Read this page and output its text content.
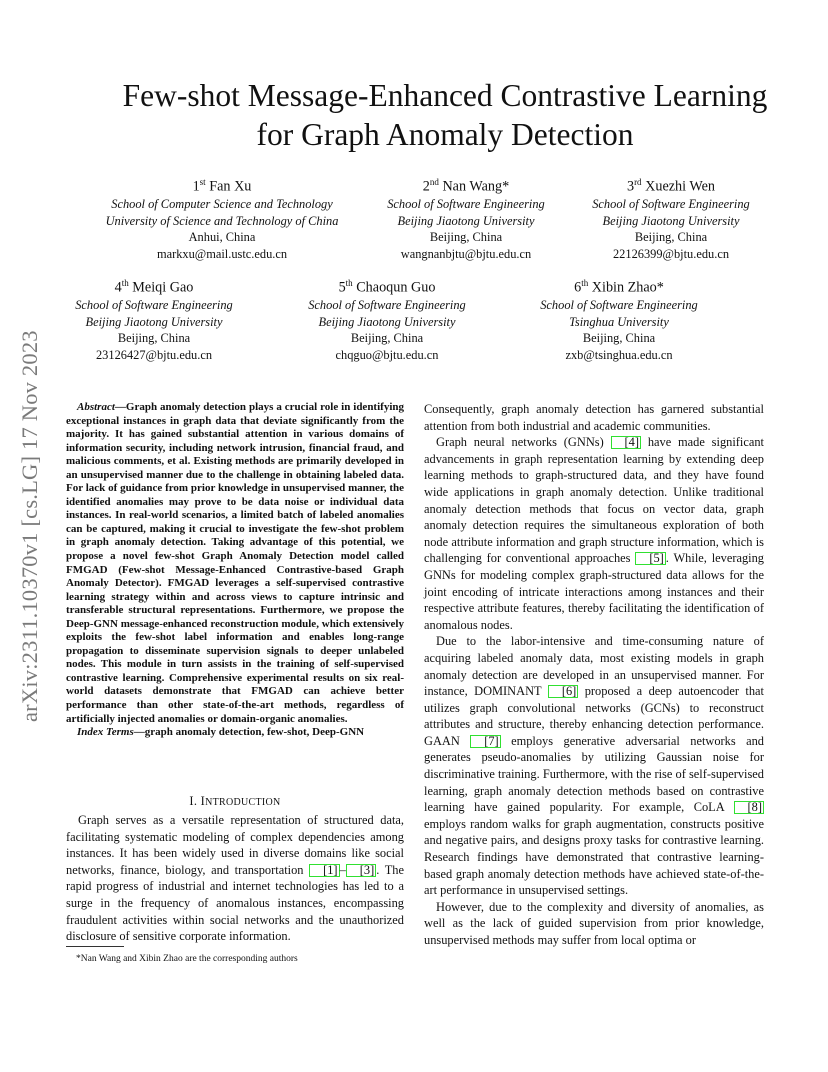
arXiv:2311.10370v1 [cs.LG] 17 Nov 2023
Few-shot Message-Enhanced Contrastive Learning
for Graph Anomaly Detection
1st Fan Xu
School of Computer Science and Technology
University of Science and Technology of China
Anhui, China
markxu@mail.ustc.edu.cn
2nd Nan Wang*
School of Software Engineering
Beijing Jiaotong University
Beijing, China
wangnanbjtu@bjtu.edu.cn
3rd Xuezhi Wen
School of Software Engineering
Beijing Jiaotong University
Beijing, China
22126399@bjtu.edu.cn
4th Meiqi Gao
School of Software Engineering
Beijing Jiaotong University
Beijing, China
23126427@bjtu.edu.cn
5th Chaoqun Guo
School of Software Engineering
Beijing Jiaotong University
Beijing, China
chqguo@bjtu.edu.cn
6th Xibin Zhao*
School of Software Engineering
Tsinghua University
Beijing, China
zxb@tsinghua.edu.cn
Abstract—Graph anomaly detection plays a crucial role in identifying exceptional instances in graph data that deviate significantly from the majority. It has gained substantial attention in various domains of information security, including network intrusion, financial fraud, and malicious comments, et al. Existing methods are primarily developed in an unsupervised manner due to the challenge in obtaining labeled data. For lack of guidance from prior knowledge in unsupervised manner, the identified anomalies may prove to be data noise or individual data instances. In real-world scenarios, a limited batch of labeled anomalies can be captured, making it crucial to investigate the few-shot problem in graph anomaly detection. Taking advantage of this potential, we propose a novel few-shot Graph Anomaly Detection model called FMGAD (Few-shot Message-Enhanced Contrastive-based Graph Anomaly Detector). FMGAD leverages a self-supervised contrastive learning strategy within and across views to capture intrinsic and transferable structural representations. Furthermore, we propose the Deep-GNN message-enhanced reconstruction module, which extensively exploits the few-shot label information and enables long-range propagation to disseminate supervision signals to deeper unlabeled nodes. This module in turn assists in the training of self-supervised contrastive learning. Comprehensive experimental results on six real-world datasets demonstrate that FMGAD can achieve better performance than other state-of-the-art methods, regardless of artificially injected anomalies or domain-organic anomalies.
Index Terms—graph anomaly detection, few-shot, Deep-GNN
I. INTRODUCTION

Graph serves as a versatile representation of structured data, facilitating systematic modeling of complex dependencies among instances. It has been widely used in diverse domains like social networks, finance, biology, and transportation [1] – [3] . The rapid progress of industrial and internet technologies has led to a surge in the frequency of anomalous instances, encompassing fraudulent activities within social networks and the unauthorized disclosure of sensitive corporate information.

*Nan Wang and Xibin Zhao are the corresponding authors

Consequently, graph anomaly detection has garnered substantial attention from both industrial and academic communities.

Graph neural networks (GNNs) [4] have made significant advancements in graph representation learning by extending deep learning methods to graph-structured data, and they have found wide applications in graph anomaly detection. Unlike traditional anomaly detection methods that focus on vector data, graph anomaly detection requires the simultaneous exploration of both node attribute information and graph structure information, which is challenging for conventional approaches [5] . While, leveraging GNNs for modeling complex graph-structured data allows for the joint encoding of intricate interactions among instances and their respective attribute features, thereby facilitating the identification of anomalous nodes.

Due to the labor-intensive and time-consuming nature of acquiring labeled anomaly data, most existing models in graph anomaly detection are developed in an unsupervised manner. For instance, DOMINANT [6] proposed a deep autoencoder that utilizes graph convolutional networks (GCNs) to reconstruct attributes and structure, thereby enhancing detection performance. GAAN [7] employs generative adversarial networks and generates pseudo-anomalies by utilizing Gaussian noise for discriminative training. Furthermore, with the rise of self-supervised learning, graph anomaly detection methods based on contrastive learning have gained popularity. For example, CoLA [8] employs random walks for graph augmentation, constructs positive and negative pairs, and designs proxy tasks for contrastive learning. Research findings have demonstrated that contrastive learning-based graph anomaly detection methods have achieved state-of-the-art performance in unsupervised settings.

However, due to the complexity and diversity of anomalies, as well as the lack of guided supervision from prior knowledge, unsupervised methods may suffer from local optima or
